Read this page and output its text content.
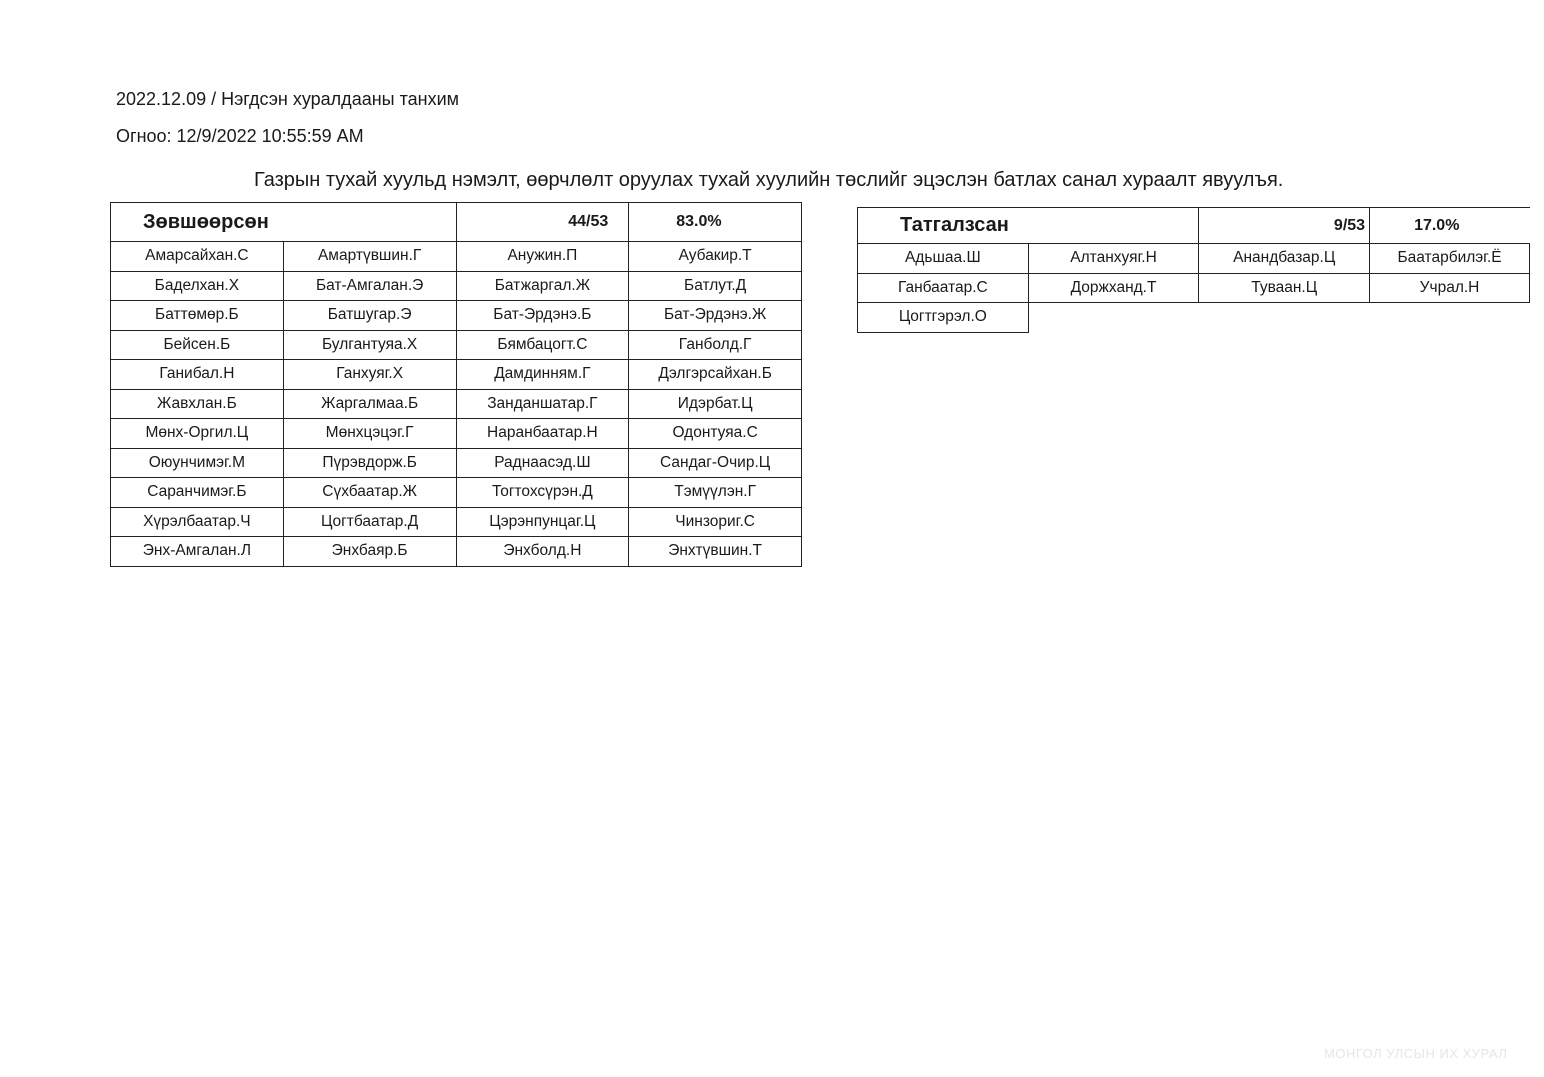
2022.12.09 / Нэгдсэн хуралдааны танхим
Огноо: 12/9/2022 10:55:59 AM
Газрын тухай хуульд нэмэлт, өөрчлөлт оруулах тухай хуулийн төслийг эцэслэн батлах санал хураалт явуулъя.
Зөвшөөрсөн		44/53	83.0%
Амарсайхан.С	Амартүвшин.Г	Анужин.П	Аубакир.Т
Баделхан.Х	Бат-Амгалан.Э	Батжаргал.Ж	Батлут.Д
Баттөмөр.Б	Батшугар.Э	Бат-Эрдэнэ.Б	Бат-Эрдэнэ.Ж
Бейсен.Б	Булгантуяа.Х	Бямбацогт.С	Ганболд.Г
Ганибал.Н	Ганхуяг.Х	Дамдинням.Г	Дэлгэрсайхан.Б
Жавхлан.Б	Жаргалмаа.Б	Занданшатар.Г	Идэрбат.Ц
Мөнх-Оргил.Ц	Мөнхцэцэг.Г	Наранбаатар.Н	Одонтуяа.С
Оюунчимэг.М	Пүрэвдорж.Б	Раднаасэд.Ш	Сандаг-Очир.Ц
Саранчимэг.Б	Сүхбаатар.Ж	Тогтохсүрэн.Д	Тэмүүлэн.Г
Хүрэлбаатар.Ч	Цогтбаатар.Д	Цэрэнпунцаг.Ц	Чинзориг.С
Энх-Амгалан.Л	Энхбаяр.Б	Энхболд.Н	Энхтүвшин.Т
Татгалзсан		9/53	17.0%
Адьшаа.Ш	Алтанхуяг.Н	Анандбазар.Ц	Баатарбилэг.Ё
Ганбаатар.С	Доржханд.Т	Туваан.Ц	Учрал.Н
Цогтгэрэл.О			
МОНГОЛ УЛСЫН ИХ ХУРАЛ
